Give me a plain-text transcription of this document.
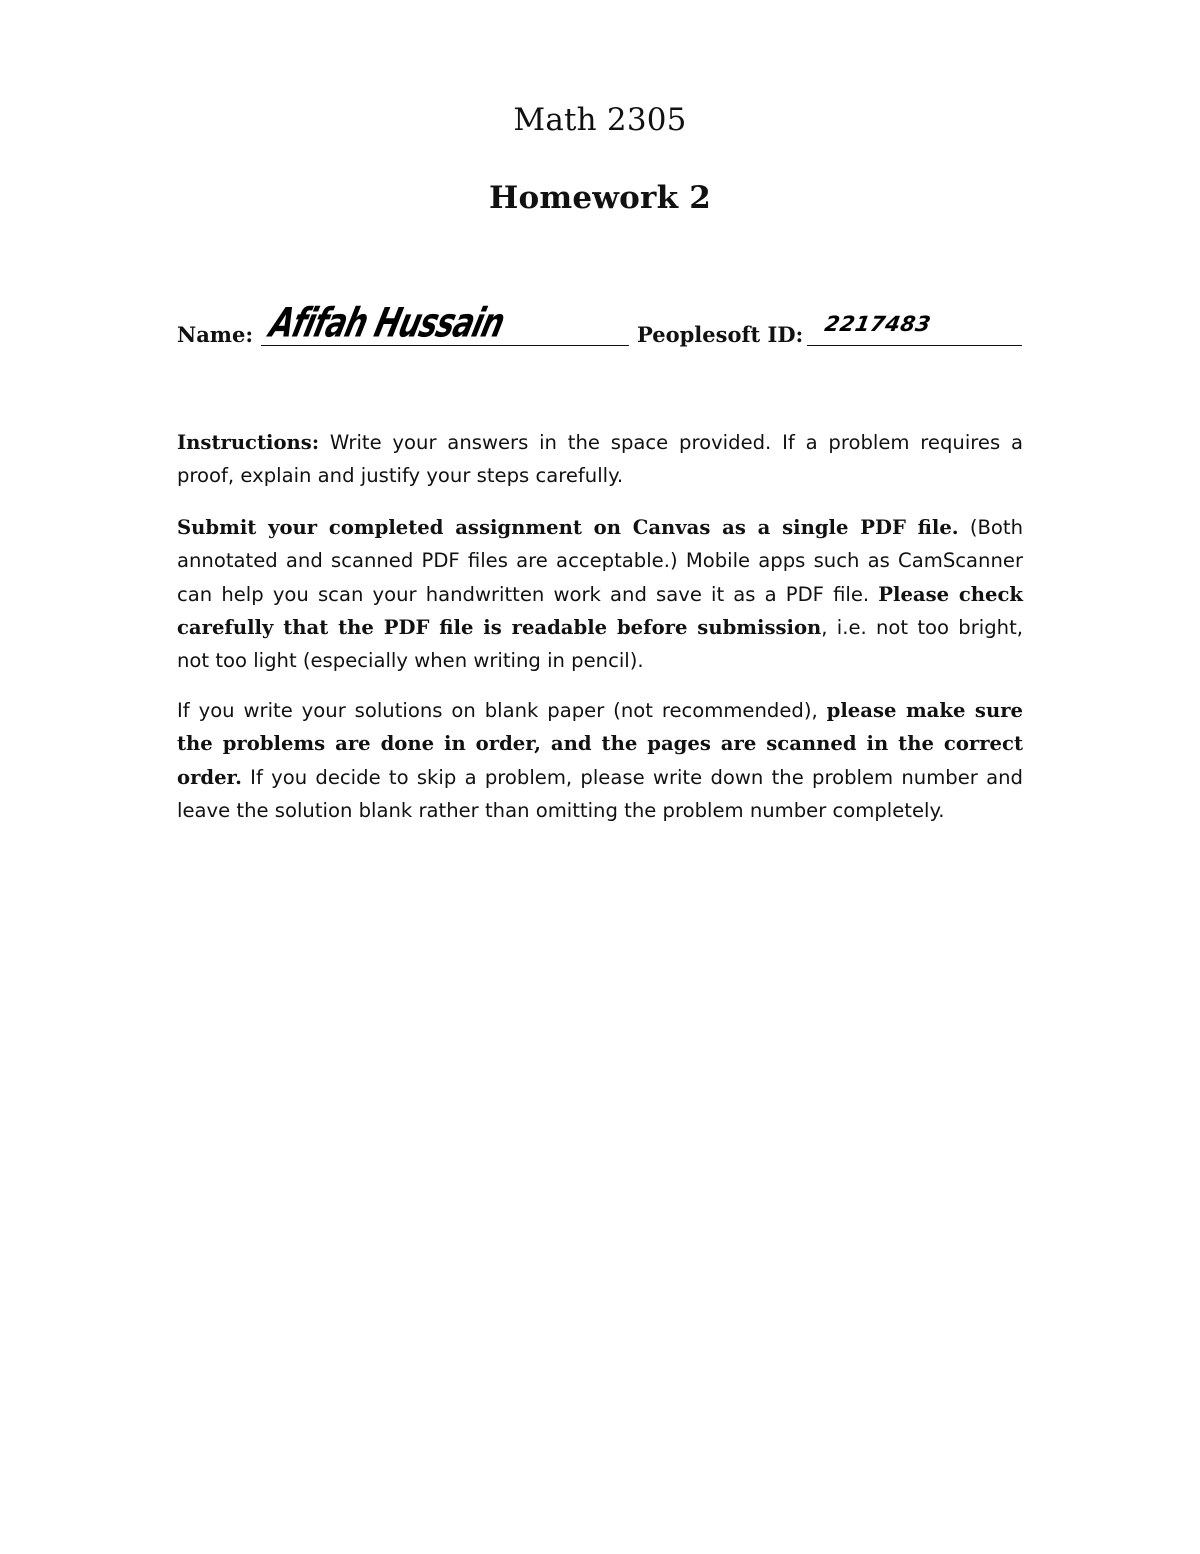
Math 2305
Homework 2
Name: Afifah Hussain	Peoplesoft ID: 2217483

Instructions: Write your answers in the space provided. If a problem requires a proof, explain and justify your steps carefully.

Submit your completed assignment on Canvas as a single PDF file. (Both annotated and scanned PDF files are acceptable.) Mobile apps such as CamScanner can help you scan your handwritten work and save it as a PDF file. Please check carefully that the PDF file is readable before submission, i.e. not too bright, not too light (especially when writing in pencil).

If you write your solutions on blank paper (not recommended), please make sure the problems are done in order, and the pages are scanned in the correct order. If you decide to skip a problem, please write down the problem number and leave the solution blank rather than omitting the problem number completely.
